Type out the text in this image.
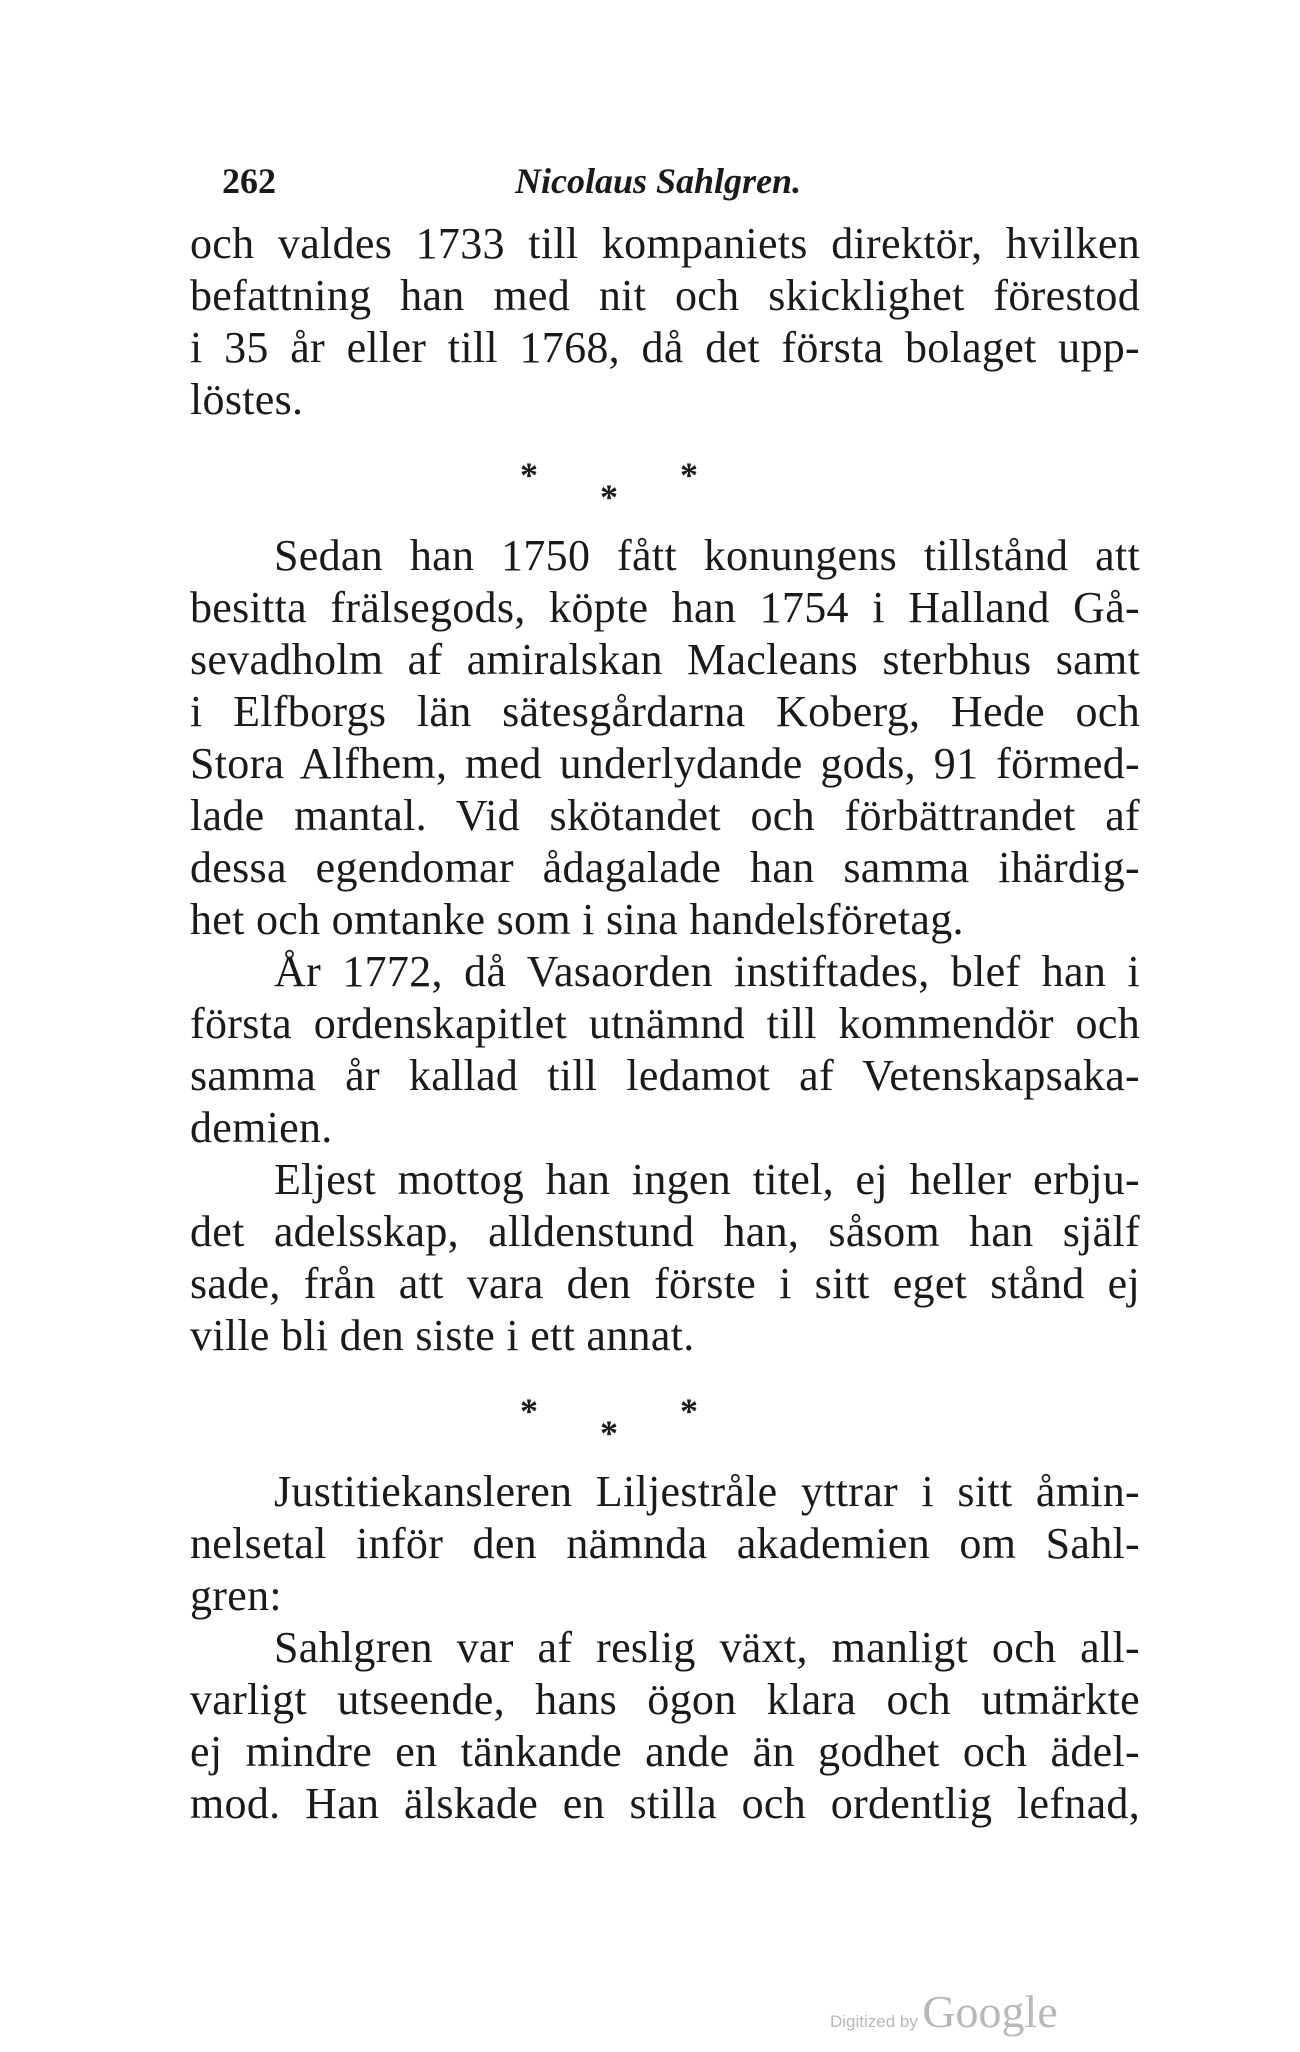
262	Nicolaus Sahlgren.
och valdes 1733 till kompaniets direktör, hvilken
befattning han med nit och skicklighet förestod
i 35 år eller till 1768, då det första bolaget upp-
löstes.
*
*
*
Sedan han 1750 fått konungens tillstånd att
besitta frälsegods, köpte han 1754 i Halland Gå-
sevadholm af amiralskan Macleans sterbhus samt
i Elfborgs län sätesgårdarna Koberg, Hede och
Stora Alfhem, med underlydande gods, 91 förmed-
lade mantal. Vid skötandet och förbättrandet af
dessa egendomar ådagalade han samma ihärdig-
het och omtanke som i sina handelsföretag.
År 1772, då Vasaorden instiftades, blef han i
första ordenskapitlet utnämnd till kommendör och
samma år kallad till ledamot af Vetenskapsaka-
demien.
Eljest mottog han ingen titel, ej heller erbju-
det adelsskap, alldenstund han, såsom han själf
sade, från att vara den förste i sitt eget stånd ej
ville bli den siste i ett annat.
*
*
*
Justitiekansleren Liljestråle yttrar i sitt åmin-
nelsetal inför den nämnda akademien om Sahl-
gren:
Sahlgren var af reslig växt, manligt och all-
varligt utseende, hans ögon klara och utmärkte
ej mindre en tänkande ande än godhet och ädel-
mod. Han älskade en stilla och ordentlig lefnad,
Digitized by Google
